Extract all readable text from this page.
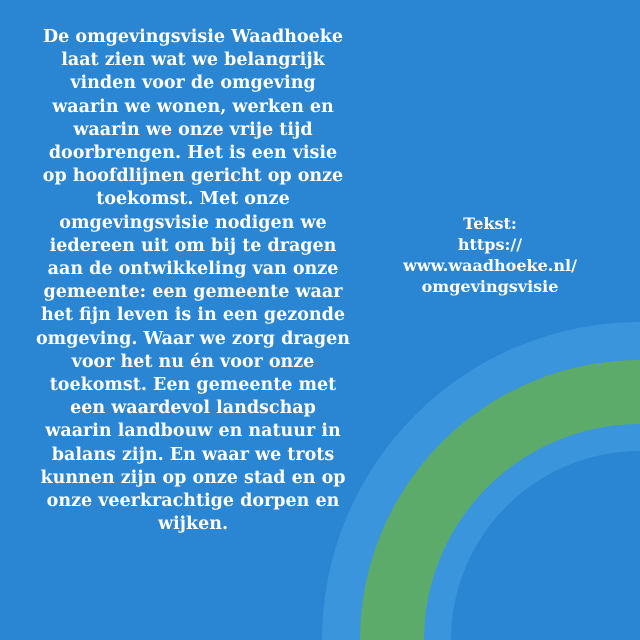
De omgevingsvisie Waadhoeke laat zien wat we belangrijk vinden voor de omgeving waarin we wonen, werken en waarin we onze vrije tijd doorbrengen. Het is een visie op hoofdlijnen gericht op onze toekomst. Met onze omgevingsvisie nodigen we iedereen uit om bij te dragen aan de ontwikkeling van onze gemeente: een gemeente waar het fijn leven is in een gezonde omgeving. Waar we zorg dragen voor het nu én voor onze toekomst. Een gemeente met een waardevol landschap waarin landbouw en natuur in balans zijn. En waar we trots kunnen zijn op onze stad en op onze veerkrachtige dorpen en wijken.

Tekst:
https://
www.waadhoeke.nl/
omgevingsvisie
